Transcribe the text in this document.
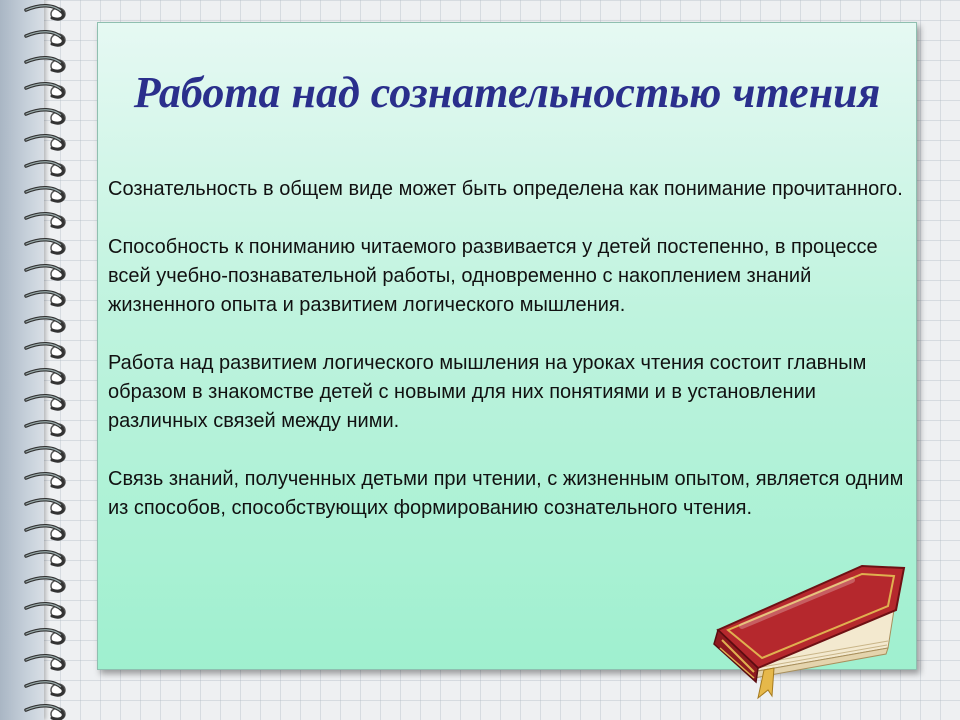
Работа над сознательностью чтения

Сознательность в общем виде может быть определена как понимание прочитанного.

Способность к пониманию читаемого развивается у детей постепенно, в процессе всей учебно-познавательной работы, одновременно с накоплением знаний жизненного опыта и развитием логического мышления.

Работа над развитием логического мышления на уроках чтения состоит главным образом в знакомстве детей с новыми для них понятиями и в установлении различных связей между ними.

Связь знаний, полученных детьми при чтении, с жизненным опытом, является одним из способов, способствующих формированию сознательного чтения.
